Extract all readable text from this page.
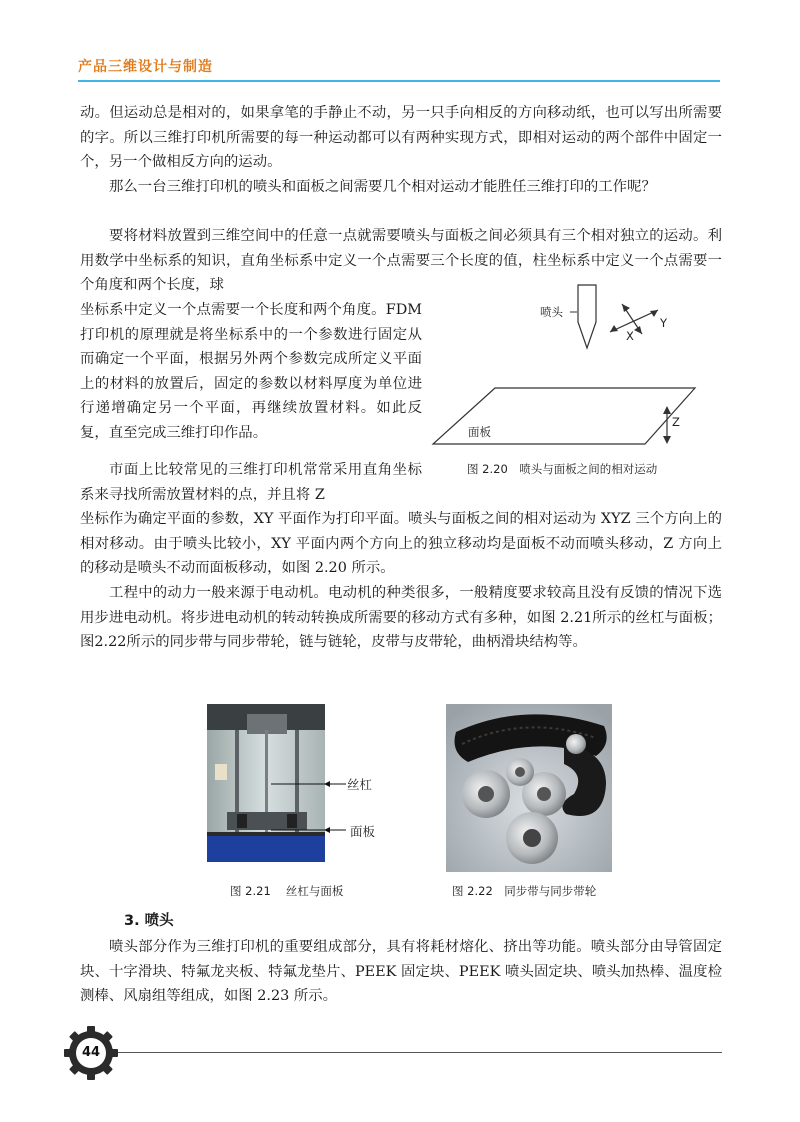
产品三维设计与制造

动。但运动总是相对的，如果拿笔的手静止不动，另一只手向相反的方向移动纸，也可以写出所需要的字。所以三维打印机所需要的每一种运动都可以有两种实现方式，即相对运动的两个部件中固定一个，另一个做相反方向的运动。

那么一台三维打印机的喷头和面板之间需要几个相对运动才能胜任三维打印的工作呢？

要将材料放置到三维空间中的任意一点就需要喷头与面板之间必须具有三个相对独立的运动。利用数学中坐标系的知识，直角坐标系中定义一个点需要三个长度的值，柱坐标系中定义一个点需要一个角度和两个长度，球

坐标系中定义一个点需要一个长度和两个角度。FDM 打印机的原理就是将坐标系中的一个参数进行固定从而确定一个平面，根据另外两个参数完成所定义平面上的材料的放置后，固定的参数以材料厚度为单位进行递增确定另一个平面，再继续放置材料。如此反复，直至完成三维打印作品。

市面上比较常见的三维打印机常常采用直角坐标系来寻找所需放置材料的点，并且将 Z

坐标作为确定平面的参数，XY 平面作为打印平面。喷头与面板之间的相对运动为 XYZ 三个方向上的相对移动。由于喷头比较小，XY 平面内两个方向上的独立移动均是面板不动而喷头移动，Z 方向上的移动是喷头不动而面板移动，如图 2.20 所示。

工程中的动力一般来源于电动机。电动机的种类很多，一般精度要求较高且没有反馈的情况下选用步进电动机。将步进电动机的转动转换成所需要的移动方式有多种，如图 2.21所示的丝杠与面板；图2.22所示的同步带与同步带轮，链与链轮，皮带与皮带轮，曲柄滑块结构等。

喷头
Y
X
Z
面板
图 2.20　喷头与面板之间的相对运动
丝杠
面板
图 2.21　 丝杠与面板	图 2.22　同步带与同步带轮
3. 喷头

喷头部分作为三维打印机的重要组成部分，具有将耗材熔化、挤出等功能。喷头部分由导管固定块、十字滑块、特氟龙夹板、特氟龙垫片、PEEK 固定块、PEEK 喷头固定块、喷头加热棒、温度检测棒、风扇组等组成，如图 2.23 所示。

44
